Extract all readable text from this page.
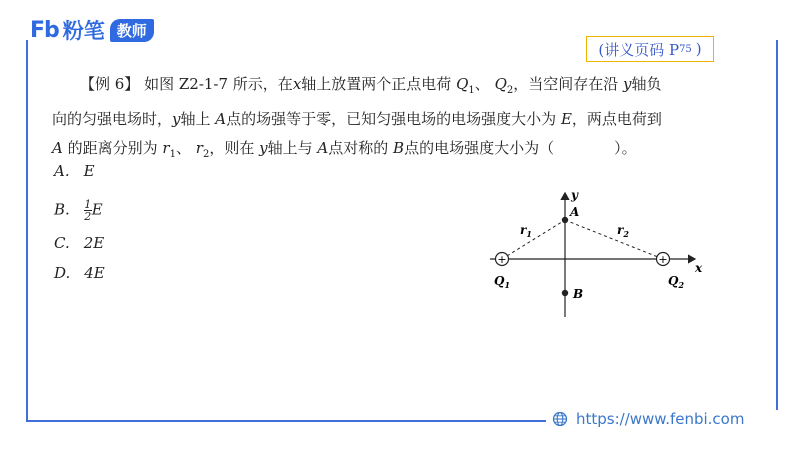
Fb 粉笔 教师
(讲义页码 P 75 )

【例 6】 如图 Z2-1-7 所示，在x轴上放置两个正点电荷 $Q_1$、 $Q_2$，当空间存在沿 y轴负

向的匀强电场时，y轴上 A点的场强等于零，已知匀强电场的电场强度大小为 E，两点电荷到

A 的距离分别为 $r_1$、 $r_2$，则在 y轴上与 A点对称的 B点的电场强度大小为（　　　　）。

A. E
B. $\frac{1}{2}$ E
C. 2E
D. 4E
y
x
A
B
$r_1$	$r_2$
+	+
$Q_1$	$Q_2$
https://www.fenbi.com
